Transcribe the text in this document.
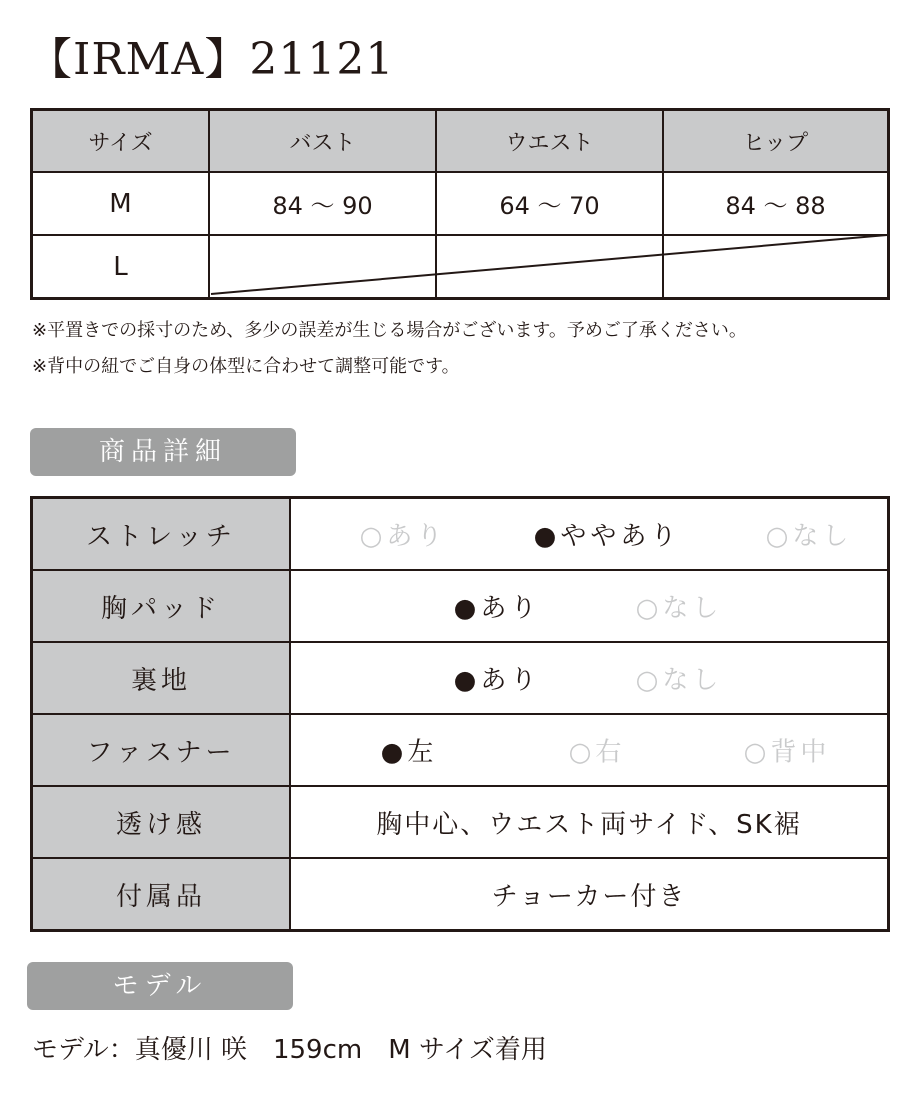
【IRMA】21121
サイズ	バスト	ウエスト	ヒップ
M	84 〜 90	64 〜 70	84 〜 88
L			
※平置きでの採寸のため、多少の誤差が生じる場合がございます。予めご了承ください。
※背中の紐でご自身の体型に合わせて調整可能です。
商品詳細
ストレッチ	○あり ●ややあり ○なし

胸パッド	●あり ○なし

裏地	●あり ○なし

ファスナー	●左 ○右 ○背中

透け感	胸中心、ウエスト両サイド、SK裾
付属品	チョーカー付き
モデル
モデル：真優川 咲　159cm　M サイズ着用
